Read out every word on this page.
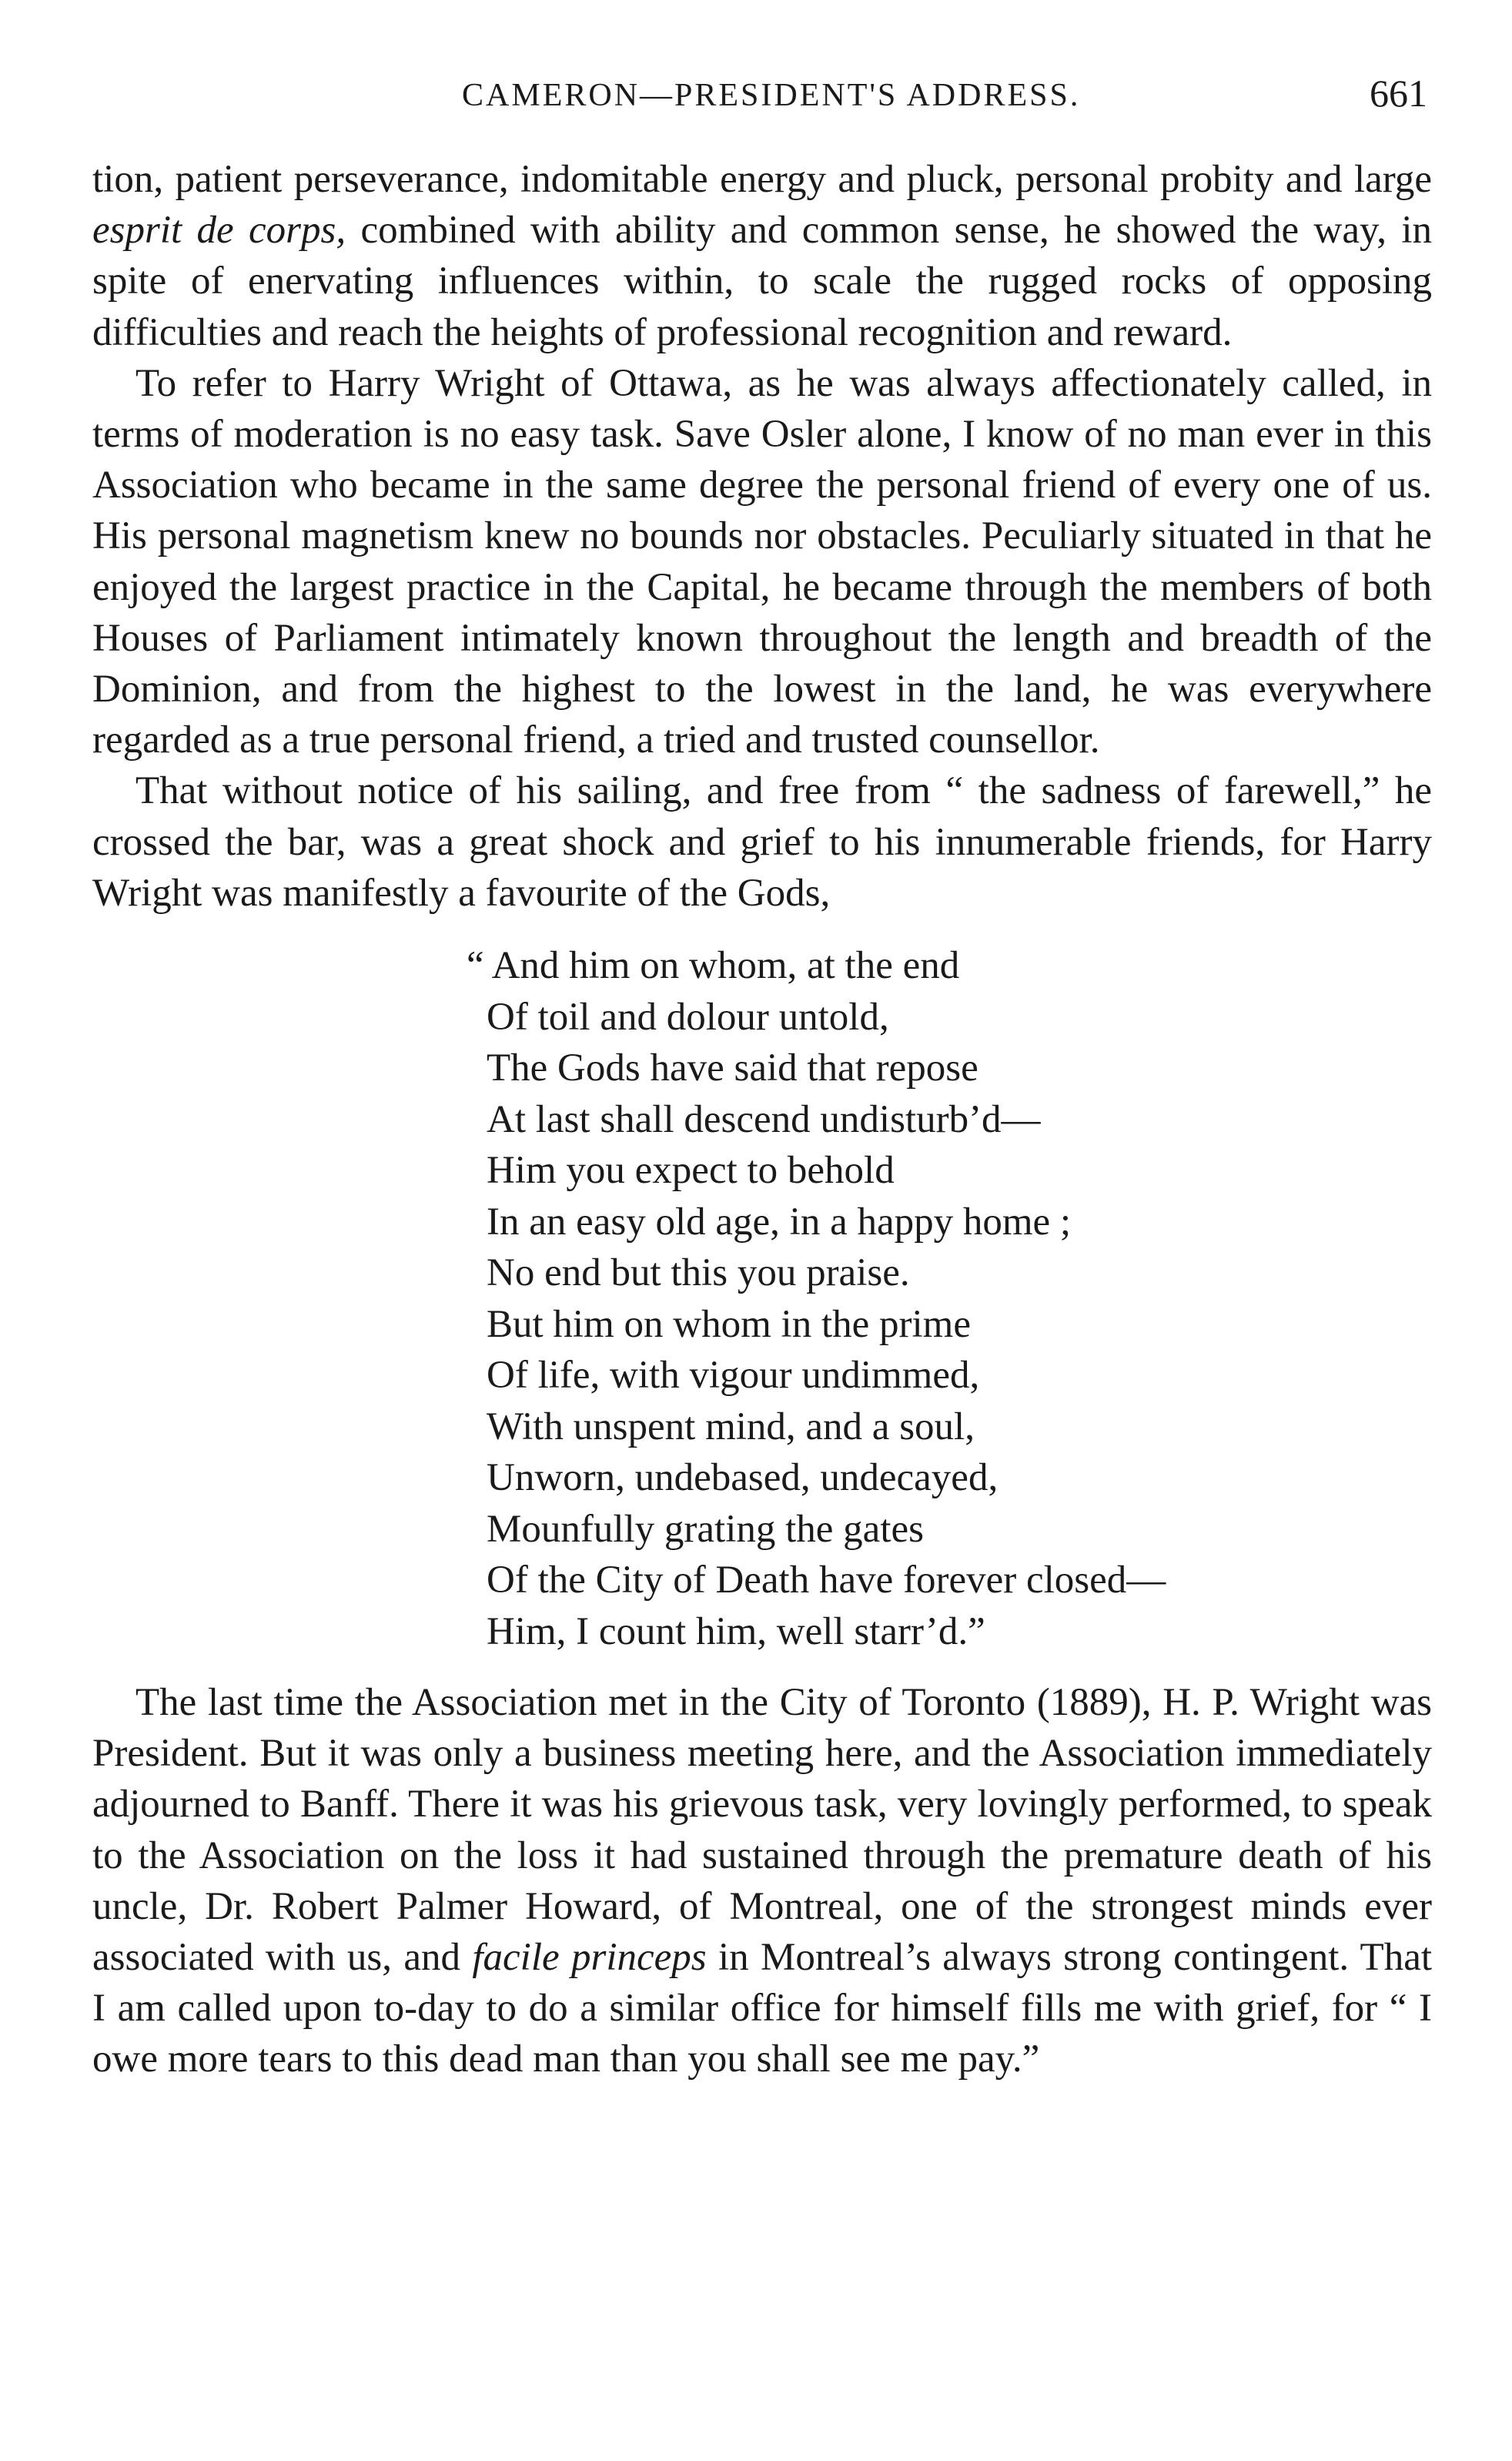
CAMERON—PRESIDENT'S ADDRESS.	661

tion, patient perseverance, indomitable energy and pluck, personal probity and large esprit de corps, combined with ability and common sense, he showed the way, in spite of enervating influences within, to scale the rugged rocks of opposing difficulties and reach the heights of professional recognition and reward.

To refer to Harry Wright of Ottawa, as he was always affectionately called, in terms of moderation is no easy task. Save Osler alone, I know of no man ever in this Association who became in the same degree the personal friend of every one of us. His personal magnetism knew no bounds nor obstacles. Peculiarly situated in that he enjoyed the largest practice in the Capital, he became through the members of both Houses of Parliament intimately known throughout the length and breadth of the Dominion, and from the highest to the lowest in the land, he was everywhere regarded as a true personal friend, a tried and trusted counsellor.

That without notice of his sailing, and free from “ the sadness of farewell,” he crossed the bar, was a great shock and grief to his innumerable friends, for Harry Wright was manifestly a favourite of the Gods,

“ And him on whom, at the end
Of toil and dolour untold,
The Gods have said that repose
At last shall descend undisturb’d—
Him you expect to behold
In an easy old age, in a happy home ;
No end but this you praise.
But him on whom in the prime
Of life, with vigour undimmed,
With unspent mind, and a soul,
Unworn, undebased, undecayed,
Mounfully grating the gates
Of the City of Death have forever closed—
Him, I count him, well starr’d.”

The last time the Association met in the City of Toronto (1889), H. P. Wright was President. But it was only a business meeting here, and the Association immediately adjourned to Banff. There it was his grievous task, very lovingly performed, to speak to the Association on the loss it had sustained through the premature death of his uncle, Dr. Robert Palmer Howard, of Montreal, one of the strongest minds ever associated with us, and facile princeps in Montreal’s always strong contingent. That I am called upon to-day to do a similar office for himself fills me with grief, for “ I owe more tears to this dead man than you shall see me pay.”
